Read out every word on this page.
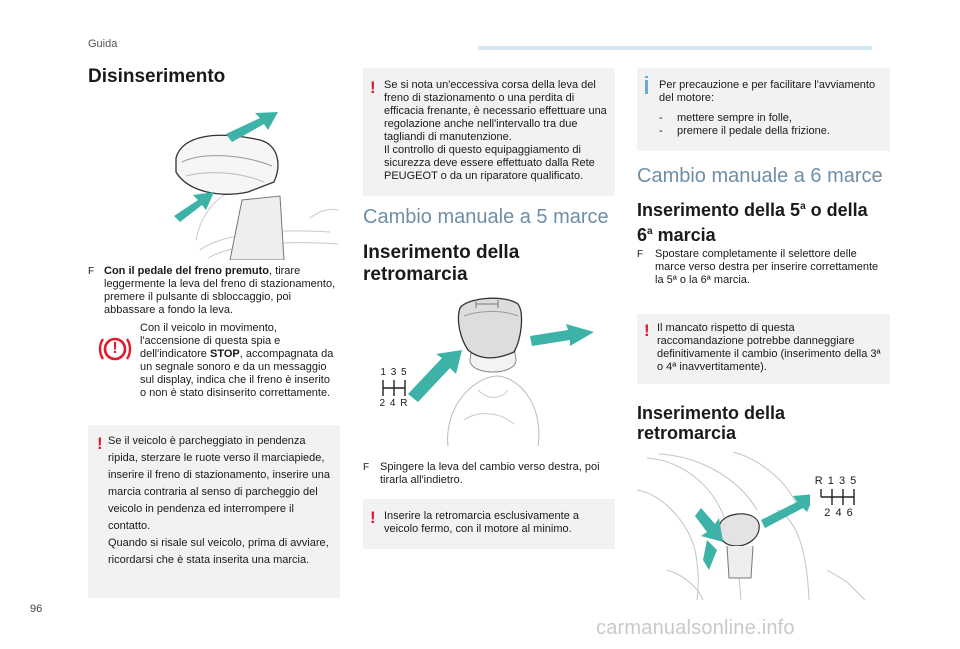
Guida
Disinserimento
F Con il pedale del freno premuto, tirare leggermente la leva del freno di stazionamento, premere il pulsante di sbloccaggio, poi abbassare a fondo la leva.
!
Con il veicolo in movimento, l'accensione di questa spia e dell'indicatore STOP, accompagnata da un segnale sonoro e da un messaggio sul display, indica che il freno è inserito o non è stato disinserito correttamente.
! Se il veicolo è parcheggiato in pendenza ripida, sterzare le ruote verso il marciapiede, inserire il freno di stazionamento, inserire una marcia contraria al senso di parcheggio del veicolo in pendenza ed interrompere il contatto.
Quando si risale sul veicolo, prima di avviare, ricordarsi che è stata inserita una marcia.
! Se si nota un'eccessiva corsa della leva del freno di stazionamento o una perdita di efficacia frenante, è necessario effettuare una regolazione anche nell'intervallo tra due tagliandi di manutenzione.
Il controllo di questo equipaggiamento di sicurezza deve essere effettuato dalla Rete PEUGEOT o da un riparatore qualificato.
Cambio manuale a 5 marce
Inserimento della
retromarcia
1 3 5
2 4 R
F Spingere la leva del cambio verso destra, poi tirarla all'indietro.
! Inserire la retromarcia esclusivamente a veicolo fermo, con il motore al minimo.
Per precauzione e per facilitare l'avviamento del motore:
- mettere sempre in folle,
- premere il pedale della frizione.
Cambio manuale a 6 marce
Inserimento della 5$^a$ o della
6$^a$ marcia
F	Spostare completamente il selettore delle marce verso destra per inserire correttamente la 5ª o la 6ª marcia.
! Il mancato rispetto di questa raccomandazione potrebbe danneggiare definitivamente il cambio (inserimento della 3ª o 4ª inavvertitamente).
Inserimento della
retromarcia
R 1 3 5
2 4 6
96
carmanualsonline.info
